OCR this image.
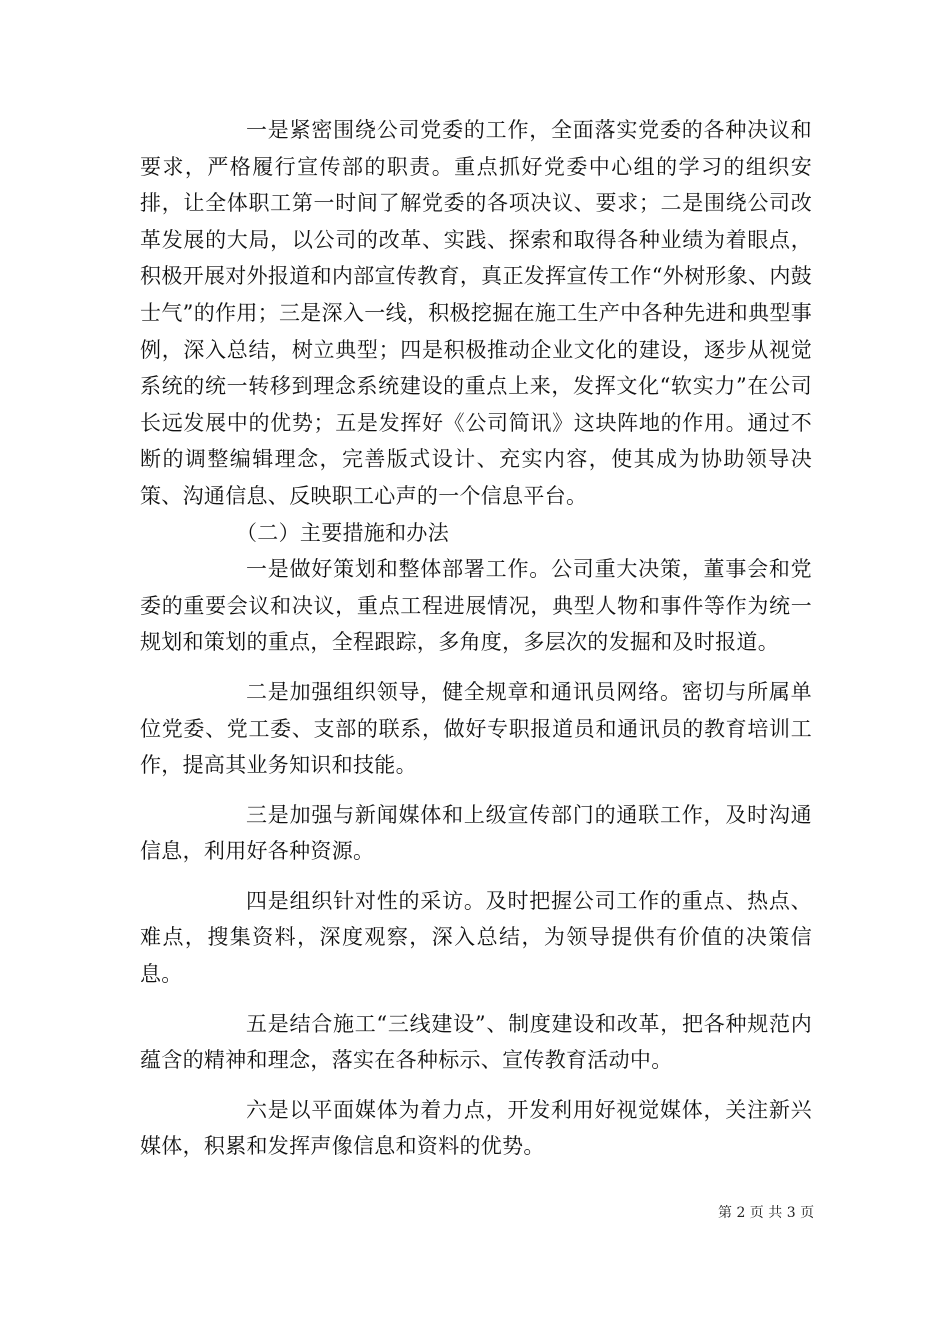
一是紧密围绕公司党委的工作，全面落实党委的各种决议和要求，严格履行宣传部的职责。重点抓好党委中心组的学习的组织安排，让全体职工第一时间了解党委的各项决议、要求；二是围绕公司改革发展的大局，以公司的改革、实践、探索和取得各种业绩为着眼点，积极开展对外报道和内部宣传教育，真正发挥宣传工作“外树形象、内鼓士气”的作用；三是深入一线，积极挖掘在施工生产中各种先进和典型事例，深入总结，树立典型；四是积极推动企业文化的建设，逐步从视觉系统的统一转移到理念系统建设的重点上来，发挥文化“软实力”在公司长远发展中的优势；五是发挥好《公司简讯》这块阵地的作用。通过不断的调整编辑理念，完善版式设计、充实内容，使其成为协助领导决策、沟通信息、反映职工心声的一个信息平台。

（二）主要措施和办法

一是做好策划和整体部署工作。公司重大决策，董事会和党委的重要会议和决议，重点工程进展情况，典型人物和事件等作为统一规划和策划的重点，全程跟踪，多角度，多层次的发掘和及时报道。

二是加强组织领导，健全规章和通讯员网络。密切与所属单位党委、党工委、支部的联系，做好专职报道员和通讯员的教育培训工作，提高其业务知识和技能。

三是加强与新闻媒体和上级宣传部门的通联工作，及时沟通信息，利用好各种资源。

四是组织针对性的采访。及时把握公司工作的重点、热点、难点，搜集资料，深度观察，深入总结，为领导提供有价值的决策信息。

五是结合施工“三线建设”、制度建设和改革，把各种规范内蕴含的精神和理念，落实在各种标示、宣传教育活动中。

六是以平面媒体为着力点，开发利用好视觉媒体，关注新兴媒体，积累和发挥声像信息和资料的优势。

第 2 页 共 3 页
